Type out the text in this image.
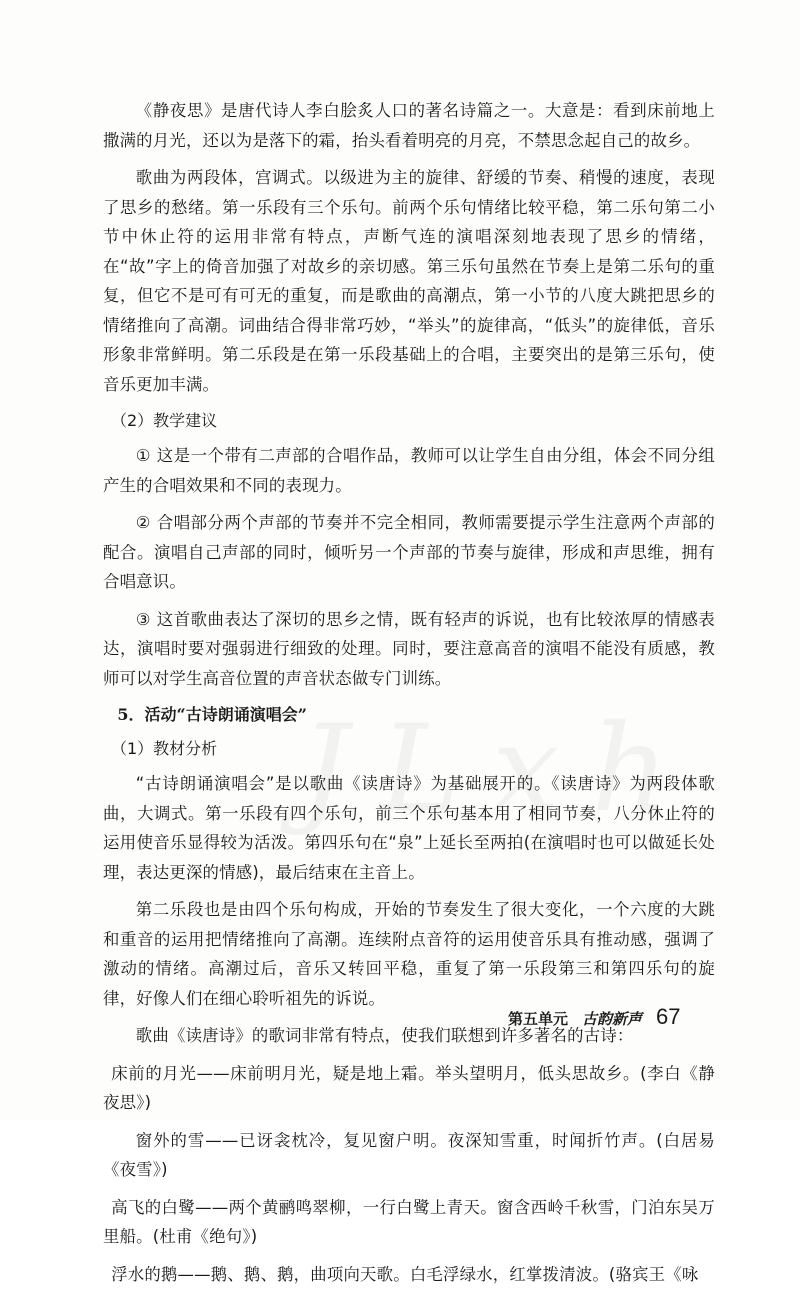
《静夜思》是唐代诗人李白脍炙人口的著名诗篇之一。大意是：看到床前地上撒满的月光，还以为是落下的霜，抬头看着明亮的月亮，不禁思念起自己的故乡。

歌曲为两段体，宫调式。以级进为主的旋律、舒缓的节奏、稍慢的速度，表现了思乡的愁绪。第一乐段有三个乐句。前两个乐句情绪比较平稳，第二乐句第二小节中休止符的运用非常有特点，声断气连的演唱深刻地表现了思乡的情绪，在“故”字上的倚音加强了对故乡的亲切感。第三乐句虽然在节奏上是第二乐句的重复，但它不是可有可无的重复，而是歌曲的高潮点，第一小节的八度大跳把思乡的情绪推向了高潮。词曲结合得非常巧妙，“举头”的旋律高，“低头”的旋律低，音乐形象非常鲜明。第二乐段是在第一乐段基础上的合唱，主要突出的是第三乐句，使音乐更加丰满。

（2）教学建议

① 这是一个带有二声部的合唱作品，教师可以让学生自由分组，体会不同分组产生的合唱效果和不同的表现力。

② 合唱部分两个声部的节奏并不完全相同，教师需要提示学生注意两个声部的配合。演唱自己声部的同时，倾听另一个声部的节奏与旋律，形成和声思维，拥有合唱意识。

③ 这首歌曲表达了深切的思乡之情，既有轻声的诉说，也有比较浓厚的情感表达，演唱时要对强弱进行细致的处理。同时，要注意高音的演唱不能没有质感，教师可以对学生高音位置的声音状态做专门训练。

5．活动“古诗朗诵演唱会”

（1）教材分析

“古诗朗诵演唱会”是以歌曲《读唐诗》为基础展开的。《读唐诗》为两段体歌曲，大调式。第一乐段有四个乐句，前三个乐句基本用了相同节奏，八分休止符的运用使音乐显得较为活泼。第四乐句在“泉”上延长至两拍(在演唱时也可以做延长处理，表达更深的情感)，最后结束在主音上。

第二乐段也是由四个乐句构成，开始的节奏发生了很大变化，一个六度的大跳和重音的运用把情绪推向了高潮。连续附点音符的运用使音乐具有推动感，强调了激动的情绪。高潮过后，音乐又转回平稳，重复了第一乐段第三和第四乐句的旋律，好像人们在细心聆听祖先的诉说。

歌曲《读唐诗》的歌词非常有特点，使我们联想到许多著名的古诗：

床前的月光——床前明月光，疑是地上霜。举头望明月，低头思故乡。(李白《静夜思》)

窗外的雪——已讶衾枕冷，复见窗户明。夜深知雪重，时闻折竹声。(白居易《夜雪》)

高飞的白鹭——两个黄鹂鸣翠柳，一行白鹭上青天。窗含西岭千秋雪，门泊东吴万里船。(杜甫《绝句》)

浮水的鹅——鹅、鹅、鹅，曲项向天歌。白毛浮绿水，红掌拨清波。(骆宾王《咏

第五单元 古韵新声 67
